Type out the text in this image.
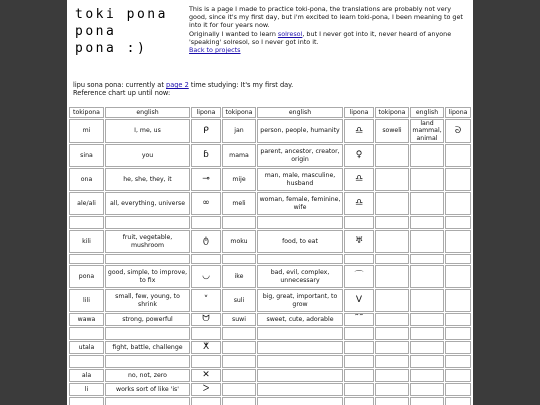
toki pona
pona
pona :)
This is a page I made to practice toki-pona, the translations are probably not very good, since it's my first day, but i'm excited to learn toki-pona, I been meaning to get into it for four years now.
Originally I wanted to learn solresol, but I never got into it, never heard of anyone 'speaking' solresol, so I never got into it.
Back to projects
lipu sona pona: currently at page 2 time studying: It's my first day.
Reference chart up until now:
tokipona	english	lipona	tokipona	english	lipona	tokipona	english	lipona
mi	I, me, us	ᑭ	jan	person, people, humanity	♎	soweli	land mammal, animal	ᘐ
sina	you	ɓ	mama	parent, ancestor, creator, origin	♀			
ona	he, she, they, it	⊸	mije	man, male, masculine, husband	♎			
ale/ali	all, everything, universe	∞	meli	woman, female, feminine, wife	♎			

kili	fruit, vegetable, mushroom	ტ	moku	food, to eat	♅			

pona	good, simple, to improve, to fix	◡	ike	bad, evil, complex, unnecessary	⌒			
lili	small, few, young, to shrink	˅	suli	big, great, important, to grow	V			
wawa	strong, powerful	ᗢ	suwi	sweet, cute, adorable	˜˜			

utala	fight, battle, challenge	ⵅ						

ala	no, not, zero	✕						
li	works sort of like 'is'	ᐳ						
